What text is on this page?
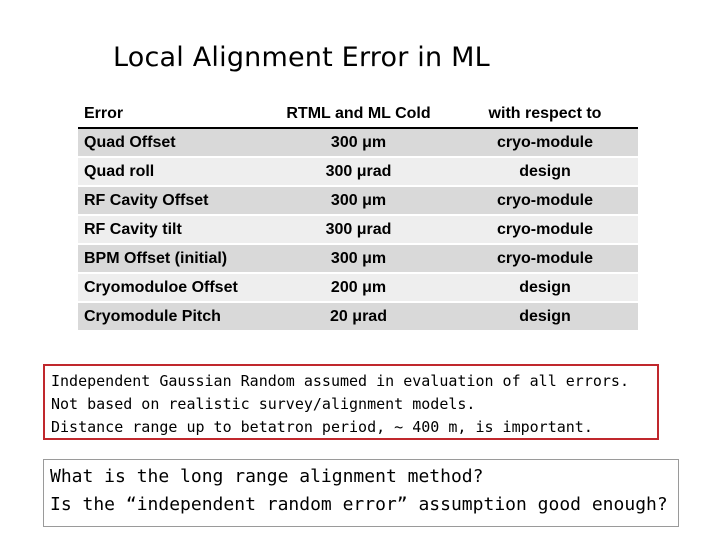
Local Alignment Error in ML
Error	RTML and ML Cold	with respect to
Quad Offset	300 μm	cryo-module
Quad roll	300 μrad	design
RF Cavity Offset	300 μm	cryo-module
RF Cavity tilt	300 μrad	cryo-module
BPM Offset (initial)	300 μm	cryo-module
Cryomoduloe Offset	200 μm	design
Cryomodule Pitch	20 μrad	design
Independent Gaussian Random assumed in evaluation of all errors.
Not based on realistic survey/alignment models.
Distance range up to betatron period, ~ 400 m, is important.
What is the long range alignment method?
Is the “independent random error” assumption good enough?
